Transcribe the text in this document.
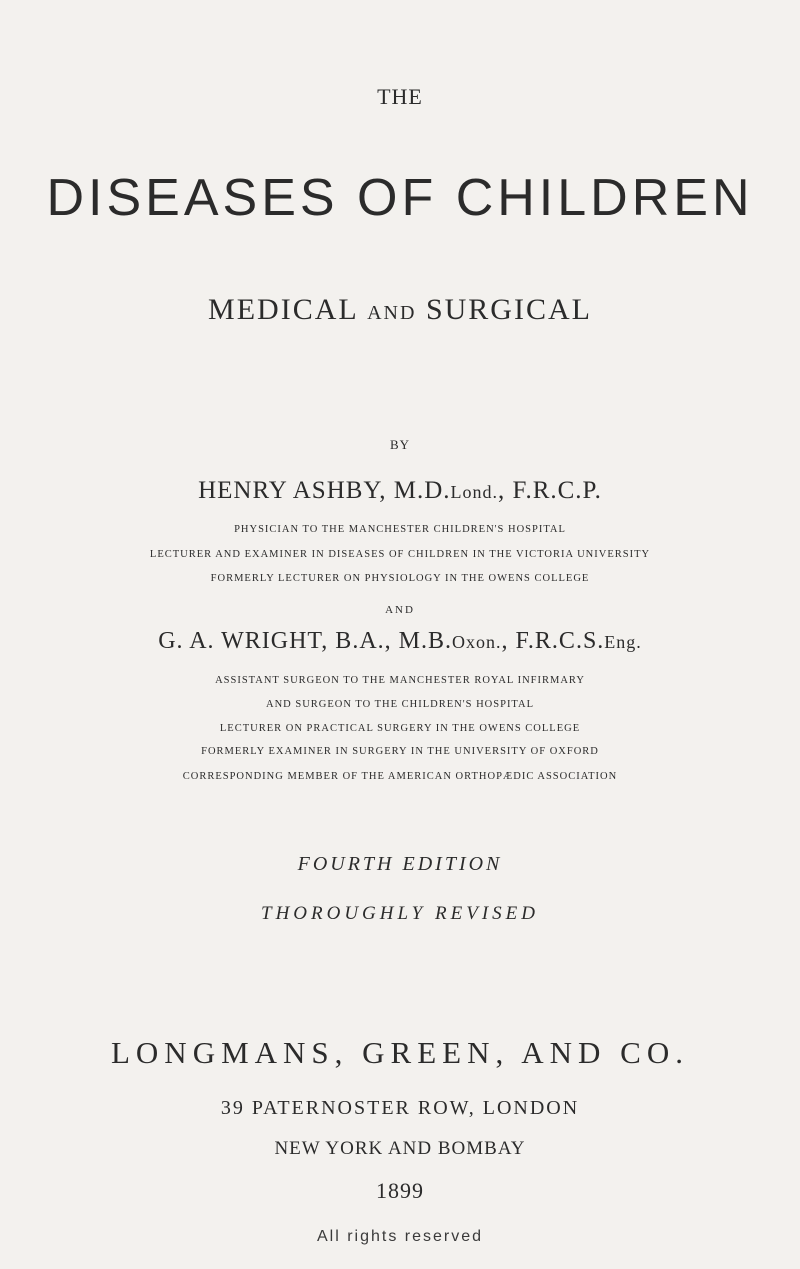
THE
DISEASES OF CHILDREN
MEDICAL AND SURGICAL
BY
HENRY ASHBY, M.D.Lond., F.R.C.P.
PHYSICIAN TO THE MANCHESTER CHILDREN'S HOSPITAL
LECTURER AND EXAMINER IN DISEASES OF CHILDREN IN THE VICTORIA UNIVERSITY
FORMERLY LECTURER ON PHYSIOLOGY IN THE OWENS COLLEGE
AND
G. A. WRIGHT, B.A., M.B.Oxon., F.R.C.S.Eng.
ASSISTANT SURGEON TO THE MANCHESTER ROYAL INFIRMARY
AND SURGEON TO THE CHILDREN'S HOSPITAL
LECTURER ON PRACTICAL SURGERY IN THE OWENS COLLEGE
FORMERLY EXAMINER IN SURGERY IN THE UNIVERSITY OF OXFORD
CORRESPONDING MEMBER OF THE AMERICAN ORTHOPÆDIC ASSOCIATION
FOURTH EDITION
THOROUGHLY REVISED
LONGMANS, GREEN, AND CO.
39 PATERNOSTER ROW, LONDON
NEW YORK AND BOMBAY
1899
All rights reserved
